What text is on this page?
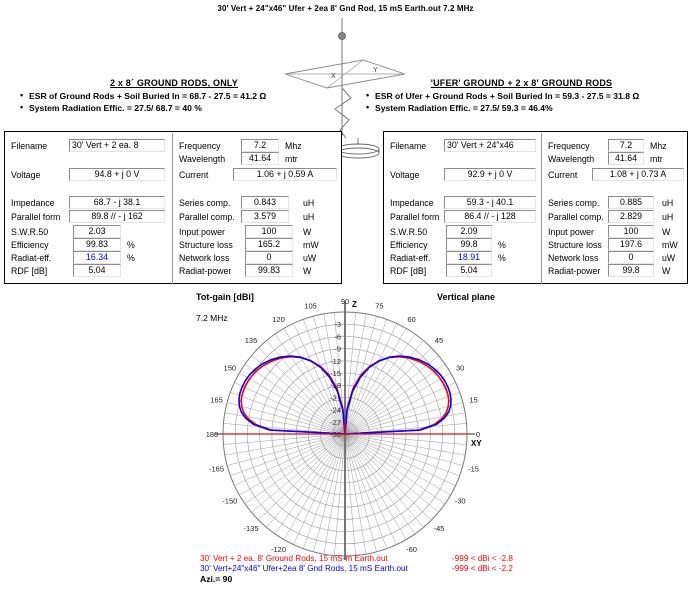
30' Vert + 24"x46" Ufer + 2ea 8' Gnd Rod, 15 mS Earth.out 7.2 MHz
X
Y
2 x 8´ GROUND RODS, ONLY
• ESR of Ground Rods + Soil Buried In = 68.7 - 27.5 = 41.2 Ω
• System Radiation Effic. = 27.5/ 68.7 = 40 %
'UFER' GROUND + 2 x 8' GROUND RODS
• ESR of Ufer + Ground Rods + Soil Buried In = 59.3 - 27.5 = 31.8 Ω
• System Radiation Effic. = 27.5/ 59.3 = 46.4%
Filename	30' Vert + 2 ea. 8
Voltage	94.8 + j 0 V
Impedance	68.7 - j 38.1
Parallel form	89.8 // - j 162
S.W.R.50	2.03
Efficiency	99.83	%
Radiat-eff.	16.34	%
RDF [dB]	5.04
Frequency	7.2	Mhz
Wavelength	41.64	mtr
Current	1.06 + j 0.59 A
Series comp.	0.843	uH
Parallel comp.	3.579	uH
Input power	100	W
Structure loss	165.2	mW
Network loss	0	uW
Radiat-power	99.83	W
Filename	30' Vert + 24"x46
Voltage	92.9 + j 0 V
Impedance	59.3 - j 40.1
Parallel form	86.4 // - j 128
S.W.R.50	2.09
Efficiency	99.8	%
Radiat-eff.	18.91	%
RDF [dB]	5.04
Frequency	7.2	Mhz
Wavelength	41.64	mtr
Current	1.08 + j 0.73 A
Series comp.	0.885	uH
Parallel comp.	2.829	uH
Input power	100	W
Structure loss	197.6	mW
Network loss	0	uW
Radiat-power	99.8	W
Tot-gain [dBi]
7.2 MHz
Vertical plane
-3
-6
-9
-12
-15
-18
-21
-24
-27
-30	0
15
30
45
60
75
90
105
120
135
150
165
180
-15
-30
-45
-60
-120
-135
-150
-165
Z
XY
30' Vert + 2 ea. 8' Ground Rods, 15 mS-m Earth.out	-999 < dBi < -2.8
30' Vert+24"x46" Ufer+2ea 8' Gnd Rods, 15 mS Earth.out	-999 < dBi < -2.2
Azi.= 90
